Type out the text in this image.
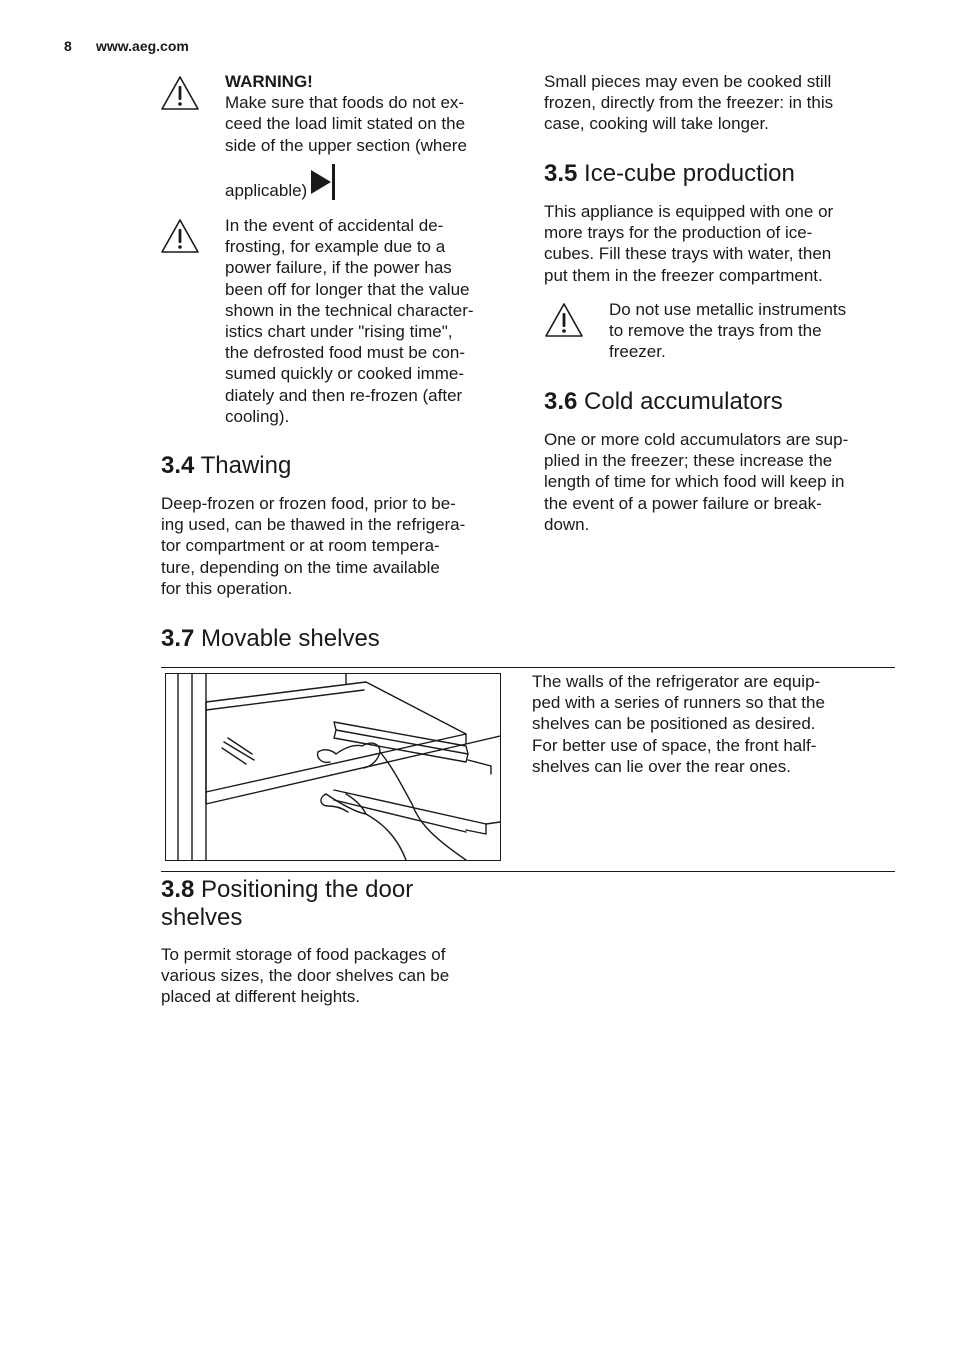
8 www.aeg.com

WARNING!

Make sure that foods do not ex-

ceed the load limit stated on the

side of the upper section (where

applicable)

In the event of accidental de-

frosting, for example due to a

power failure, if the power has

been off for longer that the value

shown in the technical character-

istics chart under "rising time",

the defrosted food must be con-

sumed quickly or cooked imme-

diately and then re-frozen (after

cooling).

3.4 Thawing

Deep-frozen or frozen food, prior to be-

ing used, can be thawed in the refrigera-

tor compartment or at room tempera-

ture, depending on the time available

for this operation.

Small pieces may even be cooked still

frozen, directly from the freezer: in this

case, cooking will take longer.

3.5 Ice-cube production

This appliance is equipped with one or

more trays for the production of ice-

cubes. Fill these trays with water, then

put them in the freezer compartment.

Do not use metallic instruments

to remove the trays from the

freezer.

3.6 Cold accumulators

One or more cold accumulators are sup-

plied in the freezer; these increase the

length of time for which food will keep in

the event of a power failure or break-

down.

3.7 Movable shelves

The walls of the refrigerator are equip-

ped with a series of runners so that the

shelves can be positioned as desired.

For better use of space, the front half-

shelves can lie over the rear ones.

3.8 Positioning the door
shelves

To permit storage of food packages of

various sizes, the door shelves can be

placed at different heights.
